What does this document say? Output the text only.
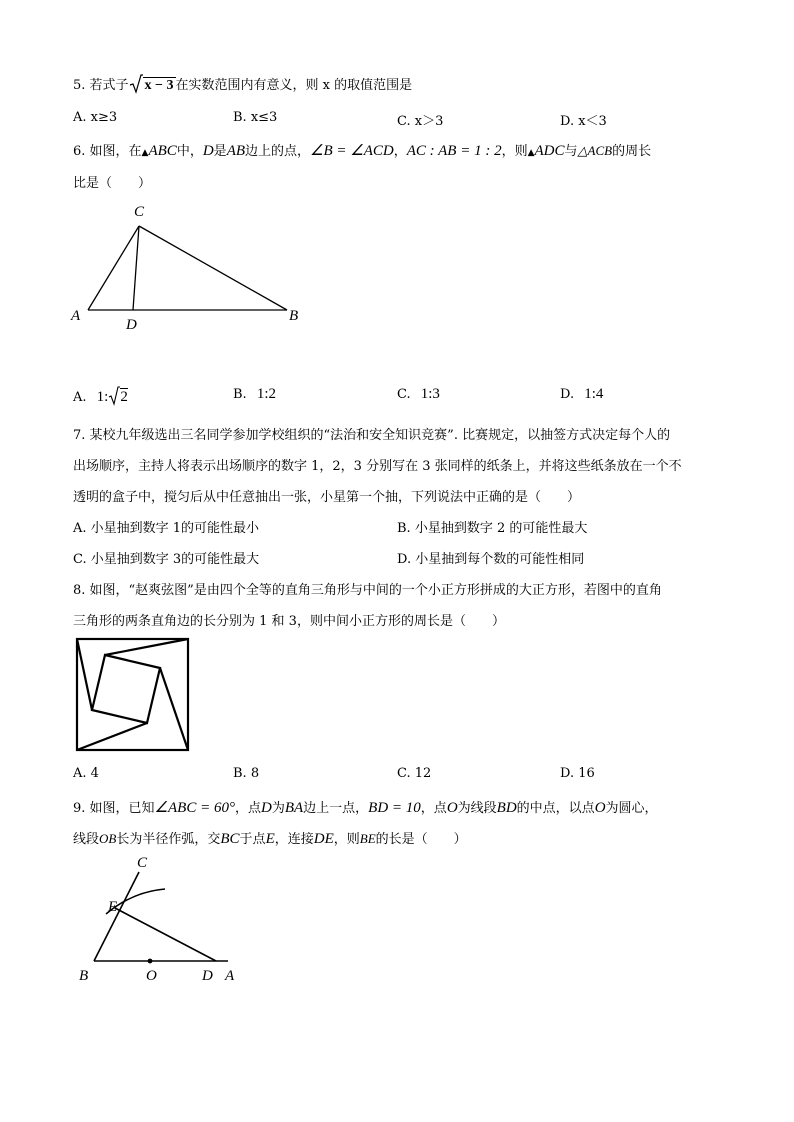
5. 若式子 x − 3 在实数范围内有意义，则 x 的取值范围是
A. x≥3	B. x≤3	C. x＞3	D. x＜3
6. 如图，在▲ABC中，D是AB边上的点，∠B = ∠ACD，AC : AB = 1 : 2，则▲ADC与△ACB的周长
比是（　　）
C
A
D
B
A. 1: 2	B. 1:2	C. 1:3	D. 1:4
7. 某校九年级选出三名同学参加学校组织的“法治和安全知识竞赛”. 比赛规定，以抽签方式决定每个人的
出场顺序，主持人将表示出场顺序的数字 1，2，3 分别写在 3 张同样的纸条上，并将这些纸条放在一个不
透明的盒子中，搅匀后从中任意抽出一张，小星第一个抽，下列说法中正确的是（　　）
A. 小星抽到数字 1的可能性最小	B. 小星抽到数字 2 的可能性最大
C. 小星抽到数字 3的可能性最大	D. 小星抽到每个数的可能性相同
8. 如图，“赵爽弦图”是由四个全等的直角三角形与中间的一个小正方形拼成的大正方形，若图中的直角
三角形的两条直角边的长分别为 1 和 3，则中间小正方形的周长是（　　）
A. 4	B. 8	C. 12	D. 16
9. 如图，已知∠ABC = 60°，点D为BA边上一点，BD = 10，点O为线段BD的中点，以点O为圆心，
线段OB长为半径作弧，交BC于点E，连接DE，则BE的长是（　　）
C
E
B	O	D A
